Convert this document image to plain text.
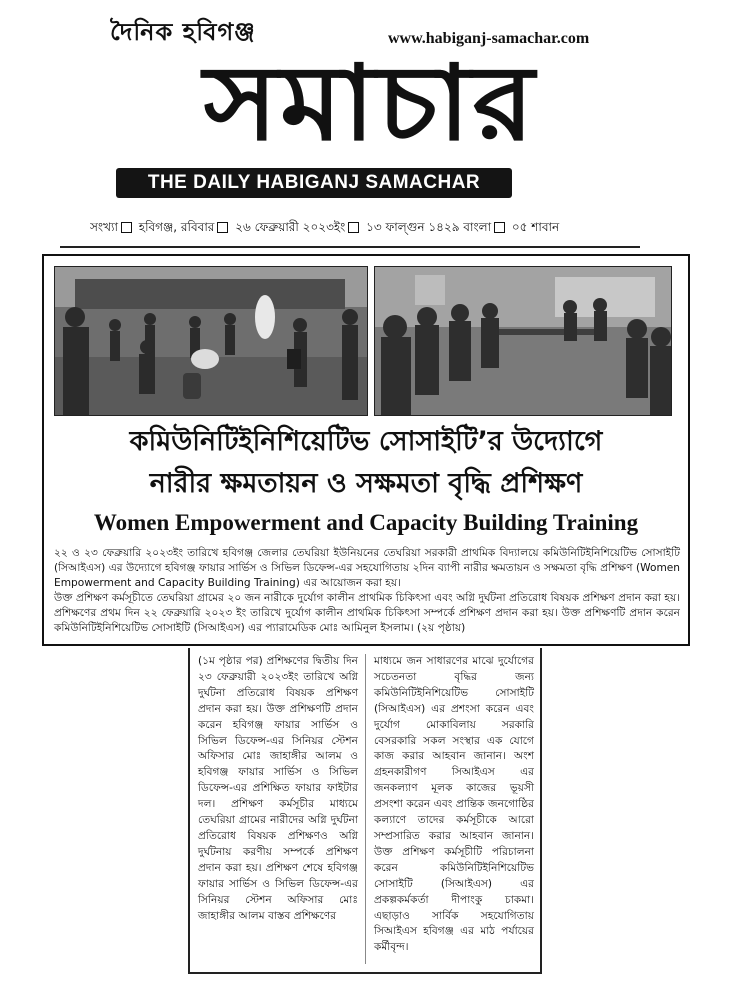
দৈনিক হবিগঞ্জ	www.habiganj-samachar.com
সমাচার
THE DAILY HABIGANJ SAMACHAR
সংখ্যা হবিগঞ্জ, রবিবার ২৬ ফেব্রুয়ারী ২০২৩ইং ১৩ ফাল্গুন ১৪২৯ বাংলা ০৫ শাবান
কমিউনিটিইনিশিয়েটিভ সোসাইটি’র উদ্যোগে
নারীর ক্ষমতায়ন ও সক্ষমতা বৃদ্ধি প্রশিক্ষণ
Women Empowerment and Capacity Building Training

২২ ও ২৩ ফেব্রুয়ারি ২০২৩ইং তারিখে হবিগঞ্জ জেলার তেঘরিয়া ইউনিয়নের তেঘরিয়া সরকারী প্রাথমিক বিদ্যালয়ে কমিউনিটিইনিশিয়েটিভ সোসাইটি (সিআইএস) এর উদ্যোগে হবিগঞ্জ ফায়ার সার্ভিস ও সিভিল ডিফেন্স-এর সহযোগিতায় ২দিন ব্যাপী নারীর ক্ষমতায়ন ও সক্ষমতা বৃদ্ধি প্রশিক্ষণ (Women Empowerment and Capacity Building Training) এর আয়োজন করা হয়।

উক্ত প্রশিক্ষণ কর্মসূচীতে তেঘরিয়া গ্রামের ২০ জন নারীকে দুর্যোগ কালীন প্রাথমিক চিকিৎসা এবং অগ্নি দুর্ঘটনা প্রতিরোধ বিষয়ক প্রশিক্ষণ প্রদান করা হয়। প্রশিক্ষণের প্রথম দিন ২২ ফেব্রুয়ারি ২০২৩ ইং তারিখে দুর্যোগ কালীন প্রাথমিক চিকিৎসা সম্পর্কে প্রশিক্ষণ প্রদান করা হয়। উক্ত প্রশিক্ষণটি প্রদান করেন কমিউনিটিইনিশিয়েটিভ সোসাইটি (সিআইএস) এর প্যারামেডিক মোঃ আমিনুল ইসলাম। (২য় পৃষ্ঠায়)

(১ম পৃষ্ঠার পর) প্রশিক্ষণের দ্বিতীয় দিন ২৩ ফেব্রুয়ারী ২০২৩ইং তারিখে অগ্নি দুর্ঘটনা প্রতিরোধ বিষয়ক প্রশিক্ষণ প্রদান করা হয়। উক্ত প্রশিক্ষণটি প্রদান করেন হবিগঞ্জ ফায়ার সার্ভিস ও সিভিল ডিফেন্স-এর সিনিয়র স্টেশন অফিসার মোঃ জাহাঙ্গীর আলম ও হবিগঞ্জ ফায়ার সার্ভিস ও সিভিল ডিফেন্স-এর প্রশিক্ষিত ফায়ার ফাইটার দল। প্রশিক্ষণ কর্মসূচীর মাধ্যমে তেঘরিয়া গ্রামের নারীদের অগ্নি দুর্ঘটনা প্রতিরোধ বিষয়ক প্রশিক্ষণও অগ্নি দুর্ঘটনায় করণীয় সম্পর্কে প্রশিক্ষণ প্রদান করা হয়। প্রশিক্ষণ শেষে হবিগঞ্জ ফায়ার সার্ভিস ও সিভিল ডিফেন্স-এর সিনিয়র স্টেশন অফিসার মোঃ জাহাঙ্গীর আলম বাস্তব প্রশিক্ষণের
মাধ্যমে জন সাধারণের মাঝে দুর্যোগের সচেতনতা বৃদ্ধির জন্য কমিউনিটিইনিশিয়েটিভ সোসাইটি (সিআইএস) এর প্রশংসা করেন এবং দুর্যোগ মোকাবিলায় সরকারি বেসরকারি সকল সংস্থার এক যোগে কাজ করার আহবান জানান। অংশ গ্রহনকারীগণ সিআইএস এর জনকল্যাণ মূলক কাজের ভূয়সী প্রসংশা করেন এবং প্রান্তিক জনগোষ্ঠির কল্যাণে তাদের কর্মসূচীকে আরো সম্প্রসারিত করার আহবান জানান। উক্ত প্রশিক্ষণ কর্মসূচীটি পরিচালনা করেন কমিউনিটিইনিশিয়েটিভ সোসাইটি (সিআইএস) এর প্রকল্পকর্মকর্তা দীপাংকু চাকমা। এছাড়াও সার্বিক সহযোগিতায় সিআইএস হবিগঞ্জ এর মাঠ পর্যায়ের কর্মীবৃন্দ।
